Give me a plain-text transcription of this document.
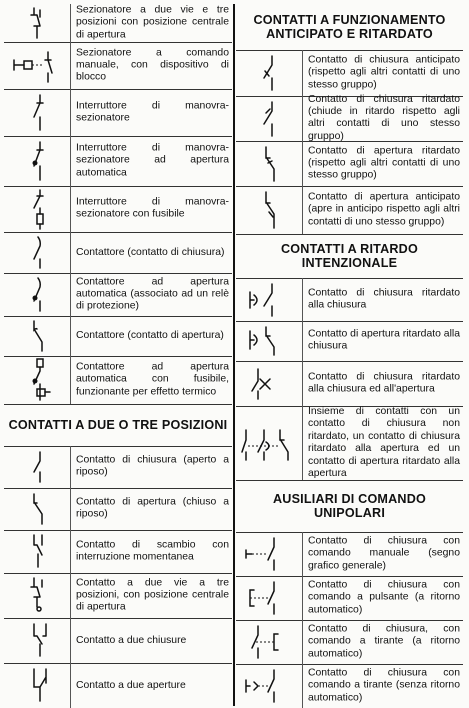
Sezionatore a due vie e tre posizioni con posizione centrale di apertura
Sezionatore a comando manuale, con dispositivo di blocco
Interruttore di manovra-sezionatore
Interruttore di manovra-sezionatore ad apertura automatica
Interruttore di manovra-sezionatore con fusibile
Contattore (contatto di chiusura)
Contattore ad apertura automatica (associato ad un relè di protezione)
Contattore (contatto di apertura)
Contattore ad apertura automatica con fusibile, funzionante per effetto termico
CONTATTI A DUE O TRE POSIZIONI
Contatto di chiusura (aperto a riposo)
Contatto di apertura (chiuso a riposo)
Contatto di scambio con interruzione momentanea
Contatto a due vie a tre posizioni, con posizione centrale di apertura
Contatto a due chiusure
Contatto a due aperture
CONTATTI A FUNZIONAMENTO ANTICIPATO E RITARDATO
Contatto di chiusura anticipato (rispetto agli altri contatti di uno stesso gruppo)
Contatto di chiusura ritardato (chiude in ritardo rispetto agli altri contatti di uno stesso gruppo)
Contatto di apertura ritardato (rispetto agli altri contatti di uno stesso gruppo)
Contatto di apertura anticipato (apre in anticipo rispetto agli altri contatti di uno stesso gruppo)
CONTATTI A RITARDO INTENZIONALE
Contatto di chiusura ritardato alla chiusura
Contatto di apertura ritardato alla chiusura
Contatto di chiusura ritardato alla chiusura ed all'apertura
Insieme di contatti con un contatto di chiusura non ritardato, un contatto di chiusura ritardato alla apertura ed un contatto di apertura ritardato alla apertura
AUSILIARI DI COMANDO UNIPOLARI
Contatto di chiusura con comando manuale (segno grafico generale)
Contatto di chiusura con comando a pulsante (a ritorno automatico)
Contatto di chiusura, con comando a tirante (a ritorno automatico)
Contatto di chiusura con comando a tirante (senza ritorno automatico)
